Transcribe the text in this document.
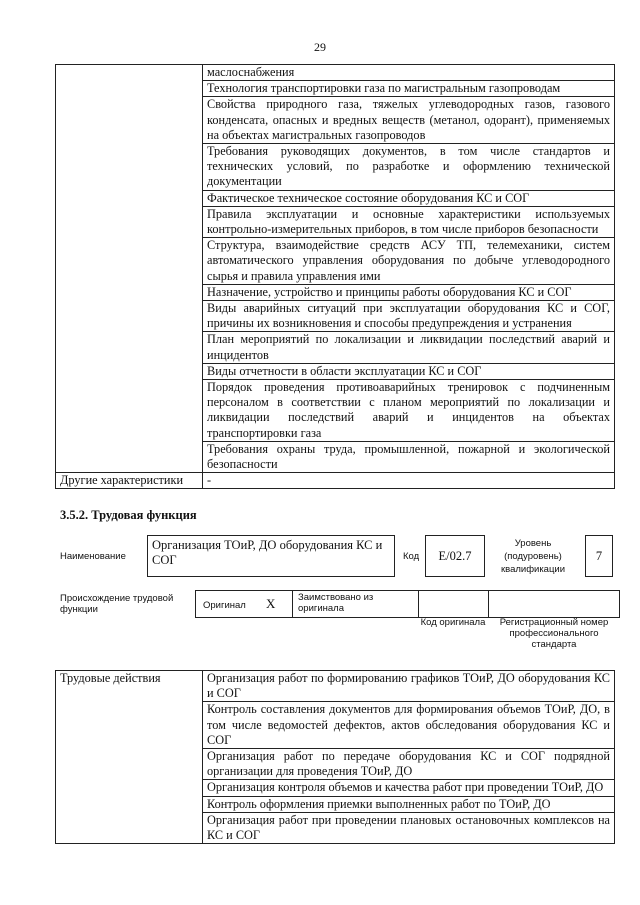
29
	маслоснабжения
	Технология транспортировки газа по магистральным газопроводам
	Свойства природного газа, тяжелых углеводородных газов, газового конденсата, опасных и вредных веществ (метанол, одорант), применяемых на объектах магистральных газопроводов
	Требования руководящих документов, в том числе стандартов и технических условий, по разработке и оформлению технической документации
	Фактическое техническое состояние оборудования КС и СОГ
	Правила эксплуатации и основные характеристики используемых контрольно-измерительных приборов, в том числе приборов безопасности
	Структура, взаимодействие средств АСУ ТП, телемеханики, систем автоматического управления оборудования по добыче углеводородного сырья и правила управления ими
	Назначение, устройство и принципы работы оборудования КС и СОГ
	Виды аварийных ситуаций при эксплуатации оборудования КС и СОГ, причины их возникновения и способы предупреждения и устранения
	План мероприятий по локализации и ликвидации последствий аварий и инцидентов
	Виды отчетности в области эксплуатации КС и СОГ
	Порядок проведения противоаварийных тренировок с подчиненным персоналом в соответствии с планом мероприятий по локализации и ликвидации последствий аварий и инцидентов на объектах транспортировки газа
	Требования охраны труда, промышленной, пожарной и экологической безопасности
Другие характеристики	-
3.5.2. Трудовая функция
Наименование
Организация ТОиР, ДО оборудования КС и СОГ	Код	E/02.7
Уровень (подуровень) квалификации
7
Происхождение трудовой функции	Оригинал X Заимствовано из оригинала
Код оригинала	Регистрационный номер профессионального стандарта
Трудовые действия	Организация работ по формированию графиков ТОиР, ДО оборудования КС и СОГ
Контроль составления документов для формирования объемов ТОиР, ДО, в том числе ведомостей дефектов, актов обследования оборудования КС и СОГ
Организация работ по передаче оборудования КС и СОГ подрядной организации для проведения ТОиР, ДО
Организация контроля объемов и качества работ при проведении ТОиР, ДО
Контроль оформления приемки выполненных работ по ТОиР, ДО
Организация работ при проведении плановых остановочных комплексов на КС и СОГ
